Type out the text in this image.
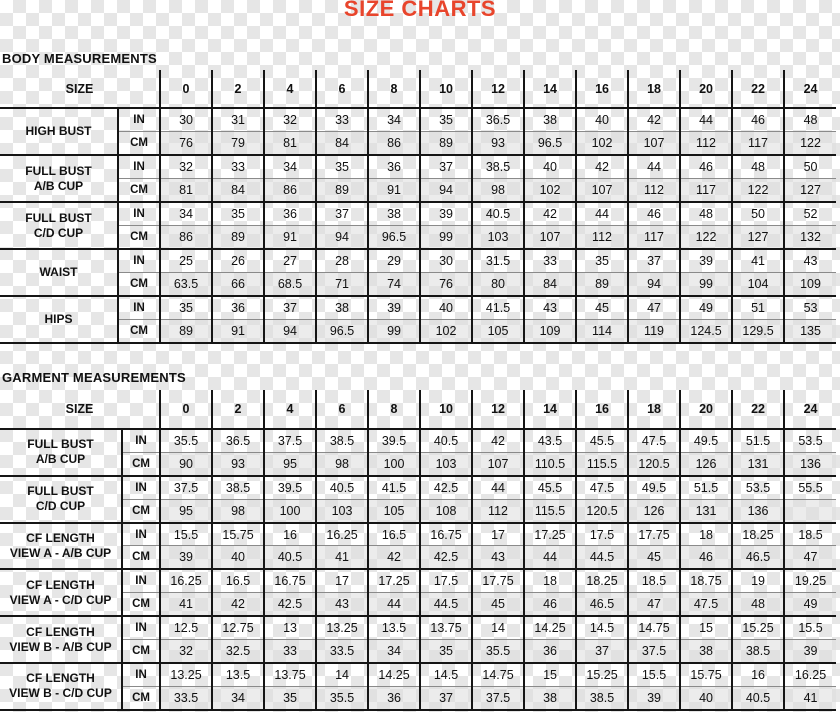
SIZE CHARTS
BODY MEASUREMENTS
SIZE		0	2	4	6	8	10	12	14	16	18	20	22	24

HIGH BUST	IN	30	31	32	33	34	35	36.5	38	40	42	44	46	48
	CM	76	79	81	84	86	89	93	96.5	102	107	112	117	122

FULL BUST
A/B CUP	IN	32	33	34	35	36	37	38.5	40	42	44	46	48	50
	CM	81	84	86	89	91	94	98	102	107	112	117	122	127

FULL BUST
C/D CUP	IN	34	35	36	37	38	39	40.5	42	44	46	48	50	52
	CM	86	89	91	94	96.5	99	103	107	112	117	122	127	132

WAIST	IN	25	26	27	28	29	30	31.5	33	35	37	39	41	43
	CM	63.5	66	68.5	71	74	76	80	84	89	94	99	104	109

HIPS	IN	35	36	37	38	39	40	41.5	43	45	47	49	51	53
	CM	89	91	94	96.5	99	102	105	109	114	119	124.5	129.5	135
GARMENT MEASUREMENTS
SIZE		0	2	4	6	8	10	12	14	16	18	20	22	24

FULL BUST
A/B CUP	IN	35.5	36.5	37.5	38.5	39.5	40.5	42	43.5	45.5	47.5	49.5	51.5	53.5
	CM	90	93	95	98	100	103	107	110.5	115.5	120.5	126	131	136

FULL BUST
C/D CUP	IN	37.5	38.5	39.5	40.5	41.5	42.5	44	45.5	47.5	49.5	51.5	53.5	55.5
	CM	95	98	100	103	105	108	112	115.5	120.5	126	131	136	

CF LENGTH
VIEW A - A/B CUP	IN	15.5	15.75	16	16.25	16.5	16.75	17	17.25	17.5	17.75	18	18.25	18.5
	CM	39	40	40.5	41	42	42.5	43	44	44.5	45	46	46.5	47

CF LENGTH
VIEW A - C/D CUP	IN	16.25	16.5	16.75	17	17.25	17.5	17.75	18	18.25	18.5	18.75	19	19.25
	CM	41	42	42.5	43	44	44.5	45	46	46.5	47	47.5	48	49

CF LENGTH
VIEW B - A/B CUP	IN	12.5	12.75	13	13.25	13.5	13.75	14	14.25	14.5	14.75	15	15.25	15.5
	CM	32	32.5	33	33.5	34	35	35.5	36	37	37.5	38	38.5	39

CF LENGTH
VIEW B - C/D CUP	IN	13.25	13.5	13.75	14	14.25	14.5	14.75	15	15.25	15.5	15.75	16	16.25
	CM	33.5	34	35	35.5	36	37	37.5	38	38.5	39	40	40.5	41
